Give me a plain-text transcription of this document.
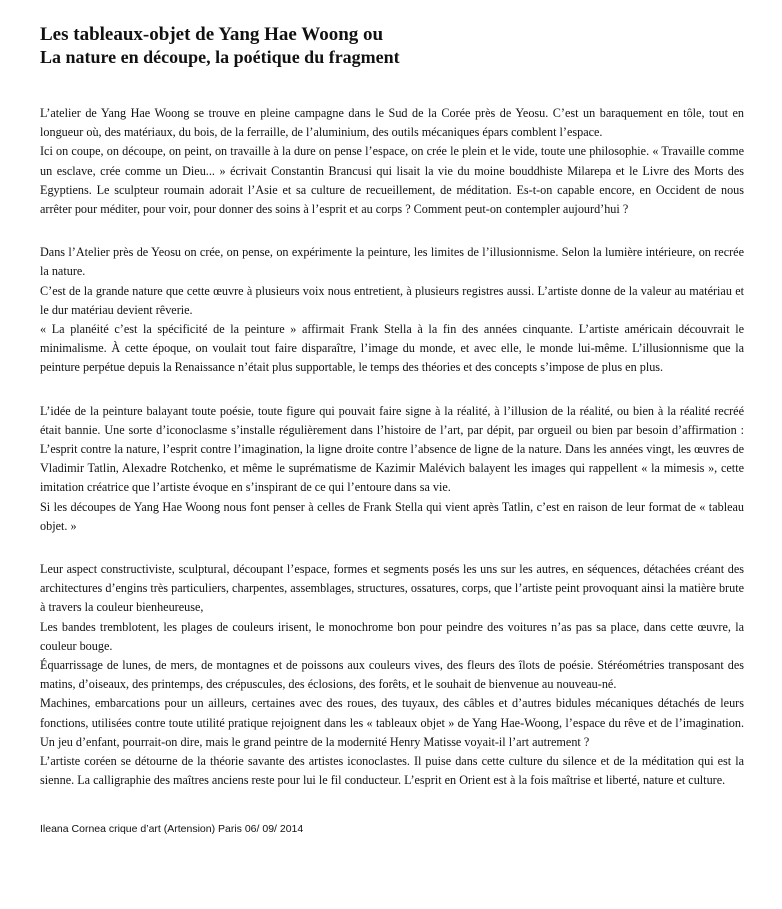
Les tableaux-objet de Yang Hae Woong ou
La nature en découpe, la poétique du fragment

L’atelier de Yang Hae Woong se trouve en pleine campagne dans le Sud de la Corée près de Yeosu. C’est un baraquement en tôle, tout en longueur où, des matériaux, du bois, de la ferraille, de l’aluminium, des outils mécaniques épars comblent l’espace.

Ici on coupe, on découpe, on peint, on travaille à la dure on pense l’espace, on crée le plein et le vide, toute une philosophie. « Travaille comme un esclave, crée comme un Dieu... » écrivait Constantin Brancusi qui lisait la vie du moine bouddhiste Milarepa et le Livre des Morts des Egyptiens. Le sculpteur roumain adorait l’Asie et sa culture de recueillement, de méditation. Es-t-on capable encore, en Occident de nous arrêter pour méditer, pour voir, pour donner des soins à l’esprit et au corps ? Comment peut-on contempler aujourd’hui ?

Dans l’Atelier près de Yeosu on crée, on pense, on expérimente la peinture, les limites de l’illusionnisme. Selon la lumière intérieure, on recrée la nature.

C’est de la grande nature que cette œuvre à plusieurs voix nous entretient, à plusieurs registres aussi. L’artiste donne de la valeur au matériau et le dur matériau devient rêverie.

« La planéité c’est la spécificité de la peinture » affirmait Frank Stella à la fin des années cinquante. L’artiste américain découvrait le minimalisme. À cette époque, on voulait tout faire disparaître, l’image du monde, et avec elle, le monde lui-même. L’illusionnisme que la peinture perpétue depuis la Renaissance n’était plus supportable, le temps des théories et des concepts s’impose de plus en plus.

L’idée de la peinture balayant toute poésie, toute figure qui pouvait faire signe à la réalité, à l’illusion de la réalité, ou bien à la réalité recréé était bannie. Une sorte d’iconoclasme s’installe régulièrement dans l’histoire de l’art, par dépit, par orgueil ou bien par besoin d’affirmation : L’esprit contre la nature, l’esprit contre l’imagination, la ligne droite contre l’absence de ligne de la nature. Dans les années vingt, les œuvres de Vladimir Tatlin, Alexadre Rotchenko, et même le suprématisme de Kazimir Malévich balayent les images qui rappellent « la mimesis », cette imitation créatrice que l’artiste évoque en s’inspirant de ce qui l’entoure dans sa vie.

Si les découpes de Yang Hae Woong nous font penser à celles de Frank Stella qui vient après Tatlin, c’est en raison de leur format de « tableau objet. »

Leur aspect constructiviste, sculptural, découpant l’espace, formes et segments posés les uns sur les autres, en séquences, détachées créant des architectures d’engins très particuliers, charpentes, assemblages, structures, ossatures, corps, que l’artiste peint provoquant ainsi la matière brute à travers la couleur bienheureuse,

Les bandes tremblotent, les plages de couleurs irisent, le monochrome bon pour peindre des voitures n’as pas sa place, dans cette œuvre, la couleur bouge.

Équarrissage de lunes, de mers, de montagnes et de poissons aux couleurs vives, des fleurs des îlots de poésie. Stéréométries transposant des matins, d’oiseaux, des printemps, des crépuscules, des éclosions, des forêts, et le souhait de bienvenue au nouveau-né.

Machines, embarcations pour un ailleurs, certaines avec des roues, des tuyaux, des câbles et d’autres bidules mécaniques détachés de leurs fonctions, utilisées contre toute utilité pratique rejoignent dans les « tableaux objet » de Yang Hae-Woong, l’espace du rêve et de l’imagination. Un jeu d’enfant, pourrait-on dire, mais le grand peintre de la modernité Henry Matisse voyait-il l’art autrement ?

L’artiste coréen se détourne de la théorie savante des artistes iconoclastes. Il puise dans cette culture du silence et de la méditation qui est la sienne. La calligraphie des maîtres anciens reste pour lui le fil conducteur. L’esprit en Orient est à la fois maîtrise et liberté, nature et culture.

Ileana Cornea crique d’art (Artension) Paris 06/ 09/ 2014
